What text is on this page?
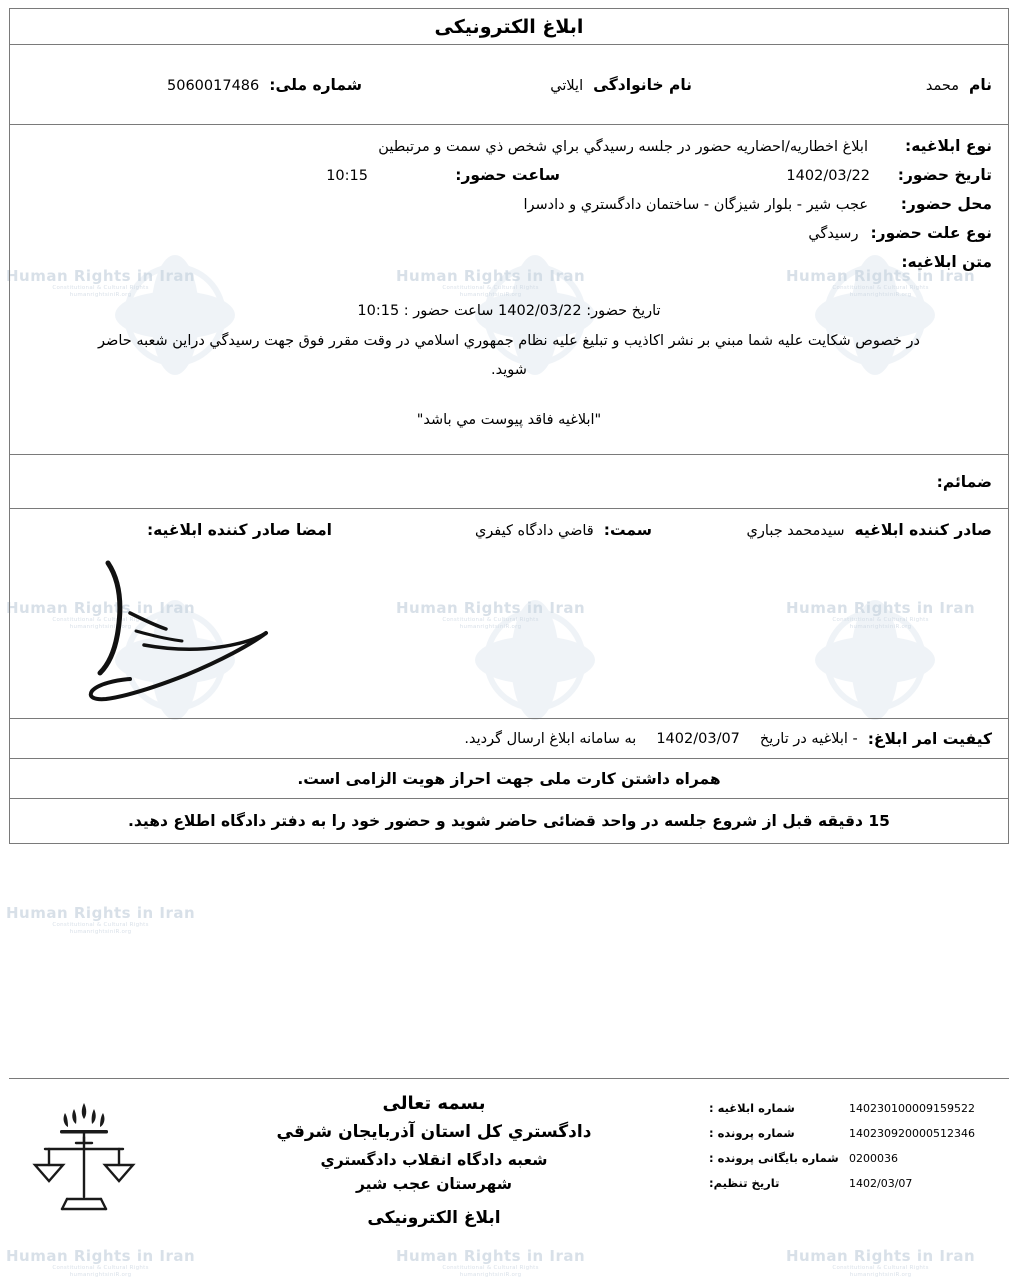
Human Rights in Iran
Constitutional & Cultural Rights
humanrightsiniR.org
Human Rights in Iran
Constitutional & Cultural Rights
humanrightsiniR.org
Human Rights in Iran
Constitutional & Cultural Rights
humanrightsiniR.org
Human Rights in Iran
Constitutional & Cultural Rights
humanrightsiniR.org
Human Rights in Iran
Constitutional & Cultural Rights
humanrightsiniR.org
Human Rights in Iran
Constitutional & Cultural Rights
humanrightsiniR.org
Human Rights in Iran
Constitutional & Cultural Rights
humanrightsiniR.org
Human Rights in Iran
Constitutional & Cultural Rights
humanrightsiniR.org
Human Rights in Iran
Constitutional & Cultural Rights
humanrightsiniR.org
Human Rights in Iran
Constitutional & Cultural Rights
humanrightsiniR.org
ابلاغ الکترونیکی
نام
محمد
نام خانوادگی
ايلاتي
شماره ملی:
5060017486
نوع ابلاغیه:
ابلاغ اخطاریه/احضاریه حضور در جلسه رسیدگي براي شخص ذي سمت و مرتبطین
تاریخ حضور:
1402/03/22
ساعت حضور:
10:15
محل حضور:
عجب شیر - بلوار شیزگان - ساختمان دادگستري و دادسرا
نوع علت حضور:
رسیدگي
متن ابلاغیه:
تاریخ حضور: 1402/03/22 ساعت حضور : 10:15
در خصوص شکایت علیه شما مبني بر نشر اکاذیب و تبلیغ علیه نظام جمهوري اسلامي در وقت مقرر فوق جهت رسیدگي دراین شعبه حاضر شوید.
"ابلاغیه فاقد پیوست مي باشد"
ضمائم:
صادر کننده ابلاغیه
سیدمحمد جباري
سمت:
قاضي دادگاه کیفري
امضا صادر کننده ابلاغیه:
کیفیت امر ابلاغ:
- ابلاغیه در تاریخ
1402/03/07
به سامانه ابلاغ ارسال گردید.
همراه داشتن کارت ملی جهت احراز هویت الزامی است.
15 دقیقه قبل از شروع جلسه در واحد قضائی حاضر شوید و حضور خود را به دفتر دادگاه اطلاع دهید.
140230100009159522
شماره ابلاغیه :
140230920000512346
شماره پرونده :
0200036
شماره بایگانی پرونده :
1402/03/07
تاریخ تنظیم:
بسمه تعالی
دادگستري کل استان آذربایجان شرقي
شعبه دادگاه انقلاب دادگستري
شهرستان عجب شیر
ابلاغ الکترونیکی
